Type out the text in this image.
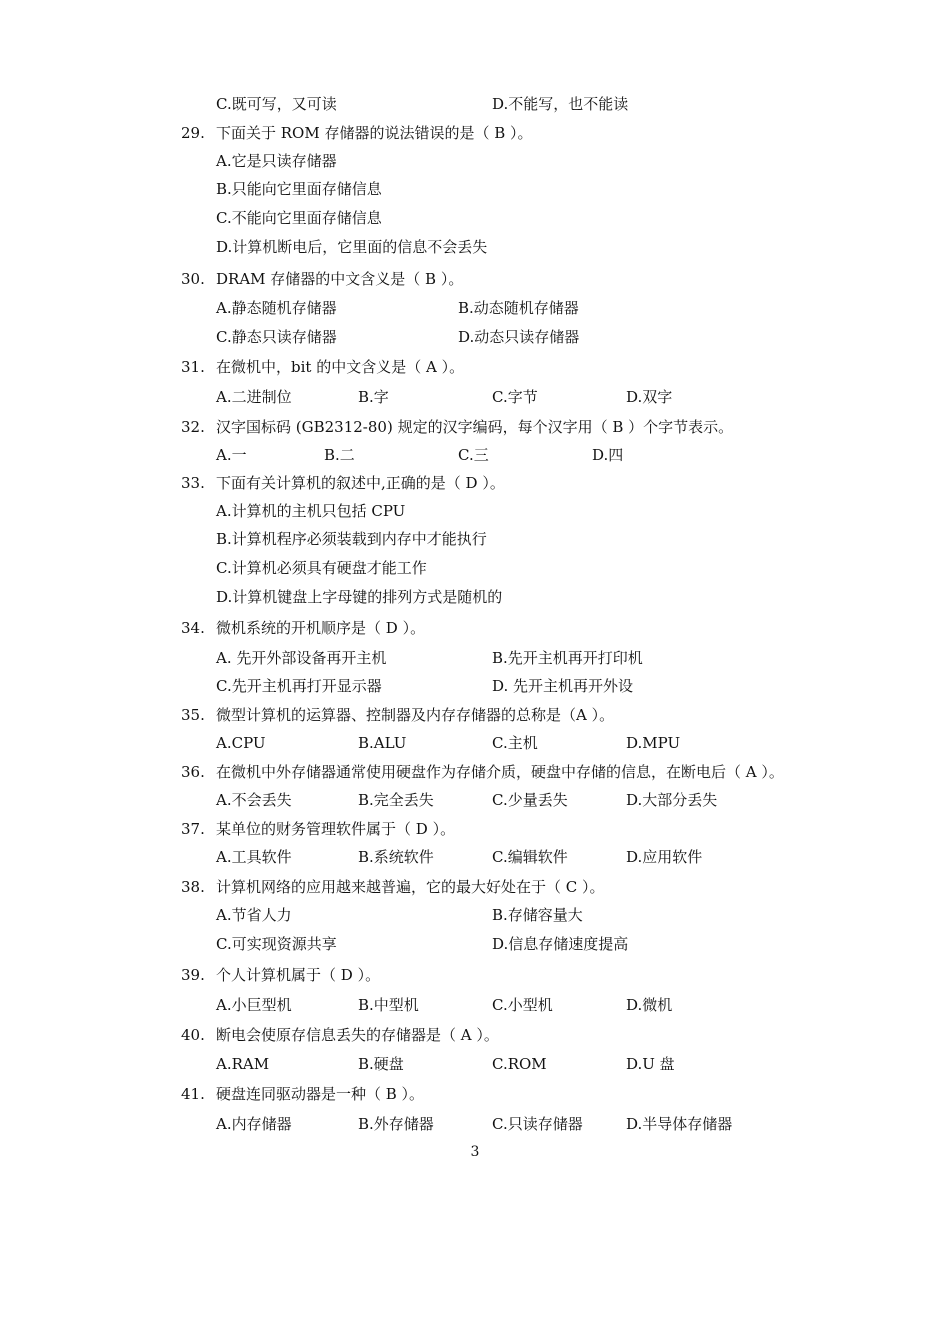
C.既可写，又可读	D.不能写，也不能读
29. 下面关于 ROM 存储器的说法错误的是（ B ）。
A.它是只读存储器
B.只能向它里面存储信息
C.不能向它里面存储信息
D.计算机断电后，它里面的信息不会丢失
30. DRAM 存储器的中文含义是（ B ）。
A.静态随机存储器	B.动态随机存储器
C.静态只读存储器	D.动态只读存储器
31. 在微机中，bit 的中文含义是（ A ）。
A.二进制位	B.字	C.字节	D.双字
32. 汉字国标码 (GB2312-80) 规定的汉字编码，每个汉字用（ B ）个字节表示。
A.一	B.二	C.三	D.四
33. 下面有关计算机的叙述中,正确的是（ D ）。
A.计算机的主机只包括 CPU
B.计算机程序必须装载到内存中才能执行
C.计算机必须具有硬盘才能工作
D.计算机键盘上字母键的排列方式是随机的
34. 微机系统的开机顺序是（ D ）。
A. 先开外部设备再开主机	B.先开主机再开打印机
C.先开主机再打开显示器	D. 先开主机再开外设
35. 微型计算机的运算器、控制器及内存存储器的总称是（A ）。
A.CPU	B.ALU	C.主机	D.MPU
36. 在微机中外存储器通常使用硬盘作为存储介质，硬盘中存储的信息，在断电后（ A ）。
A.不会丢失	B.完全丢失	C.少量丢失	D.大部分丢失
37. 某单位的财务管理软件属于（ D ）。
A.工具软件	B.系统软件	C.编辑软件	D.应用软件
38. 计算机网络的应用越来越普遍，它的最大好处在于（ C ）。
A.节省人力	B.存储容量大
C.可实现资源共享	D.信息存储速度提高
39. 个人计算机属于（ D ）。
A.小巨型机	B.中型机	C.小型机	D.微机
40. 断电会使原存信息丢失的存储器是（ A ）。
A.RAM	B.硬盘	C.ROM	D.U 盘
41. 硬盘连同驱动器是一种（ B ）。
A.内存储器	B.外存储器	C.只读存储器	D.半导体存储器
3
